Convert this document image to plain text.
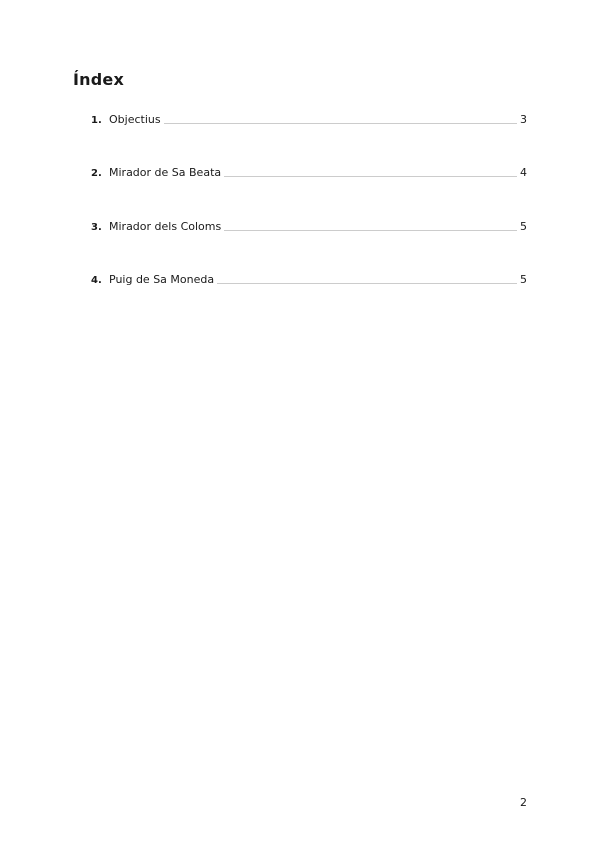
Índex
1. Objectius	3
2. Mirador de Sa Beata	4
3. Mirador dels Coloms	5
4. Puig de Sa Moneda	5
2
